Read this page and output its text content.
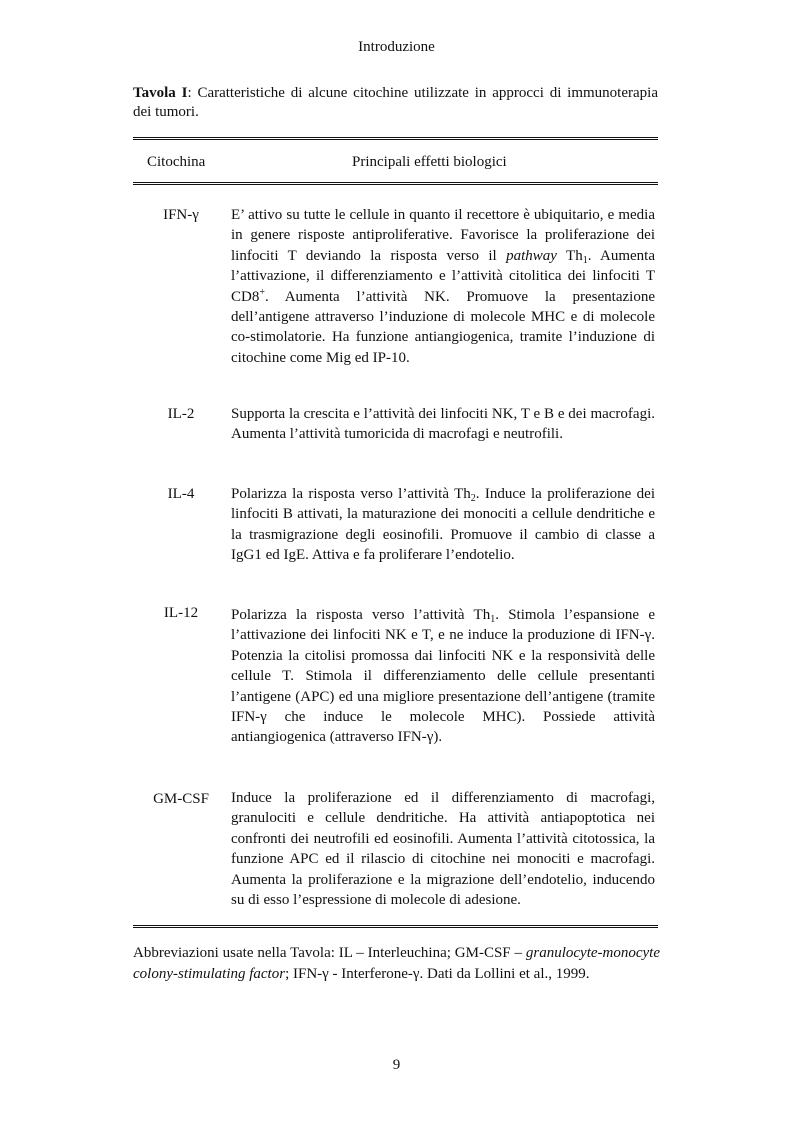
Introduzione
Tavola I: Caratteristiche di alcune citochine utilizzate in approcci di immunoterapia dei tumori.
Citochina	Principali effetti biologici
IFN-γ	E’ attivo su tutte le cellule in quanto il recettore è ubiquitario, e media in genere risposte antiproliferative. Favorisce la proliferazione dei linfociti T deviando la risposta verso il pathway $Th_1$. Aumenta l’attivazione, il differenziamento e l’attività citolitica dei linfociti T CD8+. Aumenta l’attività NK. Promuove la presentazione dell’antigene attraverso l’induzione di molecole MHC e di molecole co-stimolatorie. Ha funzione antiangiogenica, tramite l’induzione di citochine come Mig ed IP-10.
IL-2	Supporta la crescita e l’attività dei linfociti NK, T e B e dei macrofagi. Aumenta l’attività tumoricida di macrofagi e neutrofili.
IL-4	Polarizza la risposta verso l’attività $Th_2$. Induce la proliferazione dei linfociti B attivati, la maturazione dei monociti a cellule dendritiche e la trasmigrazione degli eosinofili. Promuove il cambio di classe a IgG1 ed IgE. Attiva e fa proliferare l’endotelio.
IL-12	Polarizza la risposta verso l’attività $Th_1$. Stimola l’espansione e l’attivazione dei linfociti NK e T, e ne induce la produzione di IFN-γ. Potenzia la citolisi promossa dai linfociti NK e la responsività delle cellule T. Stimola il differenziamento delle cellule presentanti l’antigene (APC) ed una migliore presentazione dell’antigene (tramite IFN-γ che induce le molecole MHC). Possiede attività antiangiogenica (attraverso IFN-γ).
GM-CSF	Induce la proliferazione ed il differenziamento di macrofagi, granulociti e cellule dendritiche. Ha attività antiapoptotica nei confronti dei neutrofili ed eosinofili. Aumenta l’attività citotossica, la funzione APC ed il rilascio di citochine nei monociti e macrofagi. Aumenta la proliferazione e la migrazione dell’endotelio, inducendo su di esso l’espressione di molecole di adesione.
Abbreviazioni usate nella Tavola: IL – Interleuchina; GM-CSF – granulocyte-monocyte colony-stimulating factor; IFN-γ - Interferone-γ. Dati da Lollini et al., 1999.
9
